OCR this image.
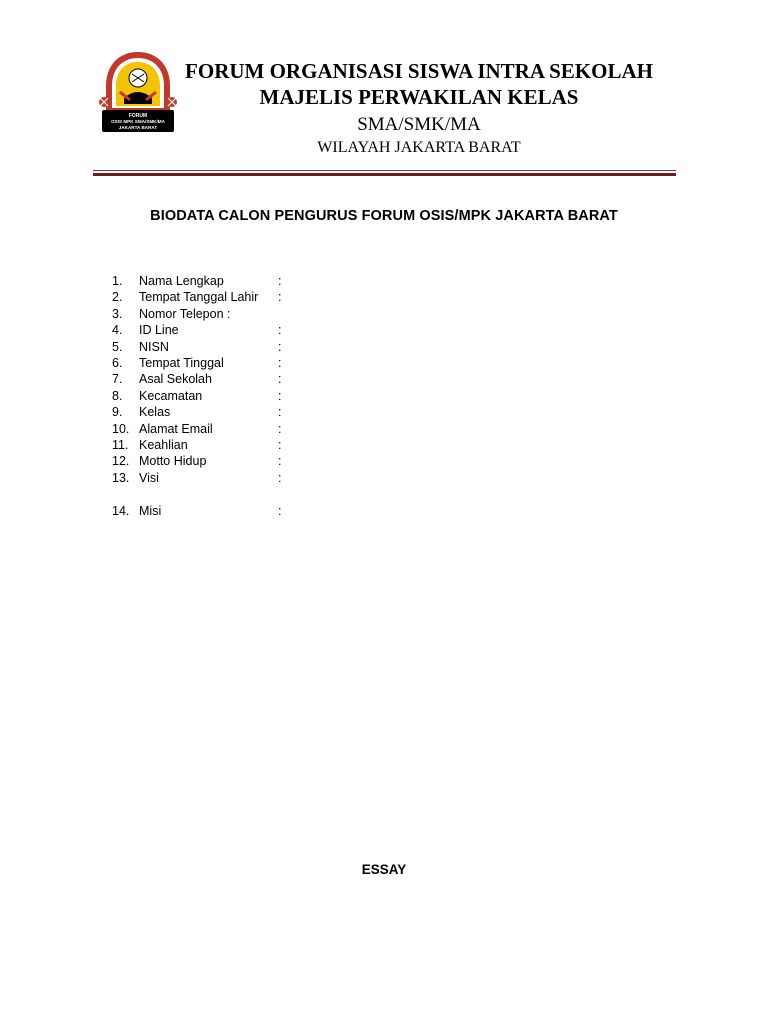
FORUM
OSIS MPK SMA/SMK/MA
JAKARTA BARAT
FORUM ORGANISASI SISWA INTRA SEKOLAH
MAJELIS PERWAKILAN KELAS
SMA/SMK/MA
WILAYAH JAKARTA BARAT
BIODATA CALON PENGURUS FORUM OSIS/MPK JAKARTA BARAT
1.	Nama Lengkap	:
2.	Tempat Tanggal Lahir :
3.	Nomor Telepon :
4.	ID Line	:
5.	NISN	:
6.	Tempat Tinggal	:
7.	Asal Sekolah	:
8.	Kecamatan	:
9.	Kelas	:
10. Alamat Email	:
11. Keahlian	:
12. Motto Hidup	:
13. Visi	:
14. Misi	:
ESSAY
